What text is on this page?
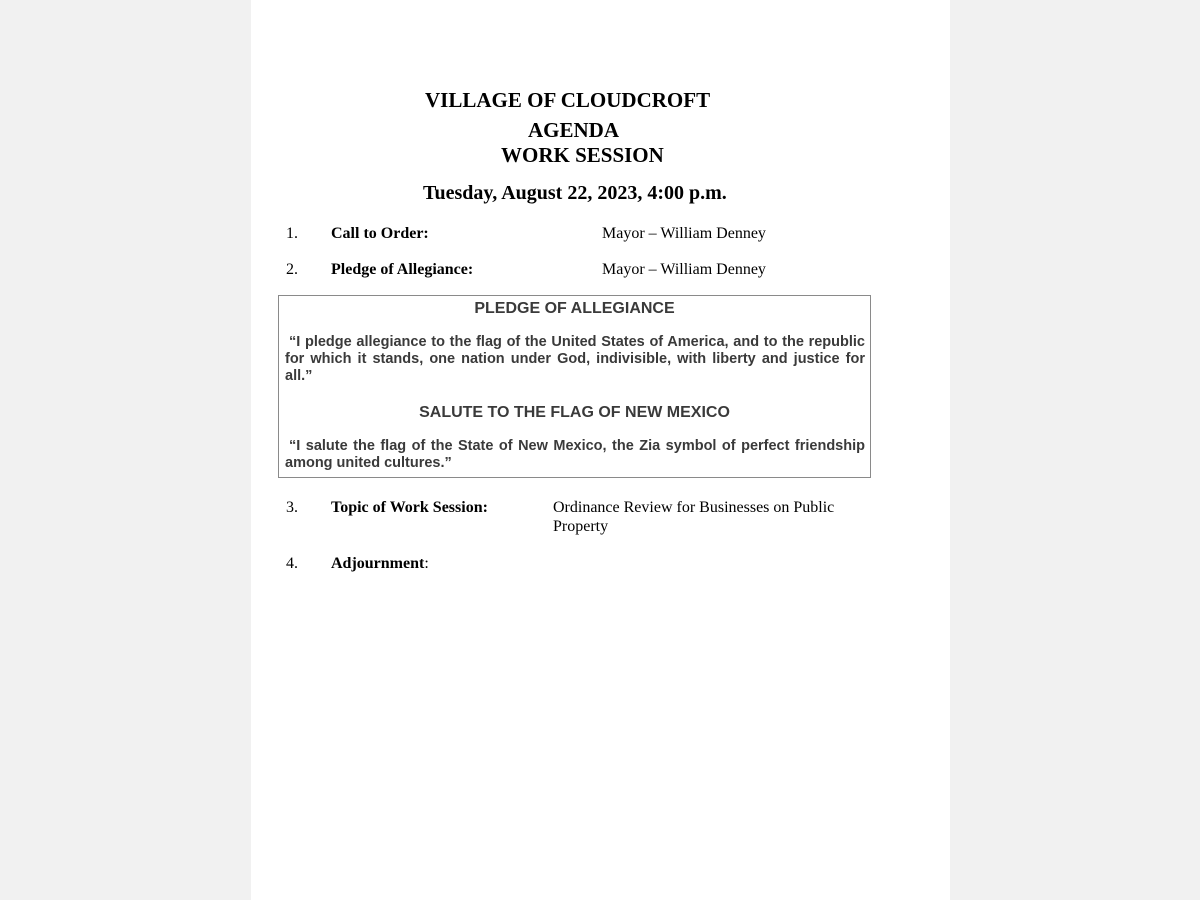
VILLAGE OF CLOUDCROFT
AGENDA
WORK SESSION
Tuesday, August 22, 2023, 4:00 p.m.
1. Call to Order:	Mayor – William Denney
2. Pledge of Allegiance:	Mayor – William Denney
PLEDGE OF ALLEGIANCE
“I pledge allegiance to the flag of the United States of America, and to the republic for which it stands, one nation under God, indivisible, with liberty and justice for all.”
SALUTE TO THE FLAG OF NEW MEXICO
“I salute the flag of the State of New Mexico, the Zia symbol of perfect friendship among united cultures.”
3. Topic of Work Session:	Ordinance Review for Businesses on Public Property
4. Adjournment:
